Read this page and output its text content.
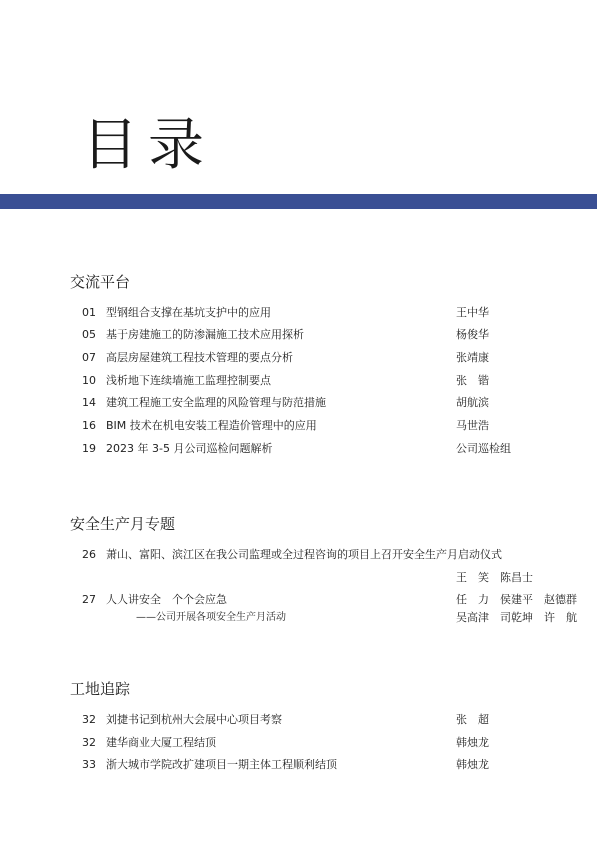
目录
交流平台
01 型钢组合支撑在基坑支护中的应用	王中华
05 基于房建施工的防渗漏施工技术应用探析	杨俊华
07 高层房屋建筑工程技术管理的要点分析	张靖康
10 浅析地下连续墙施工监理控制要点	张　锴
14 建筑工程施工安全监理的风险管理与防范措施	胡航滨
16 BIM 技术在机电安装工程造价管理中的应用	马世浩
19 2023 年 3-5 月公司巡检问题解析	公司巡检组
安全生产月专题
26 萧山、富阳、滨江区在我公司监理或全过程咨询的项目上召开安全生产月启动仪式
王　笑　陈昌士
27 人人讲安全　个个会应急	任　力　侯建平　赵德群
——公司开展各项安全生产月活动	吴高津　司乾坤　许　航
工地追踪
32 刘捷书记到杭州大会展中心项目考察	张　超
32 建华商业大厦工程结顶	韩烛龙
33 浙大城市学院改扩建项目一期主体工程顺利结顶	韩烛龙
